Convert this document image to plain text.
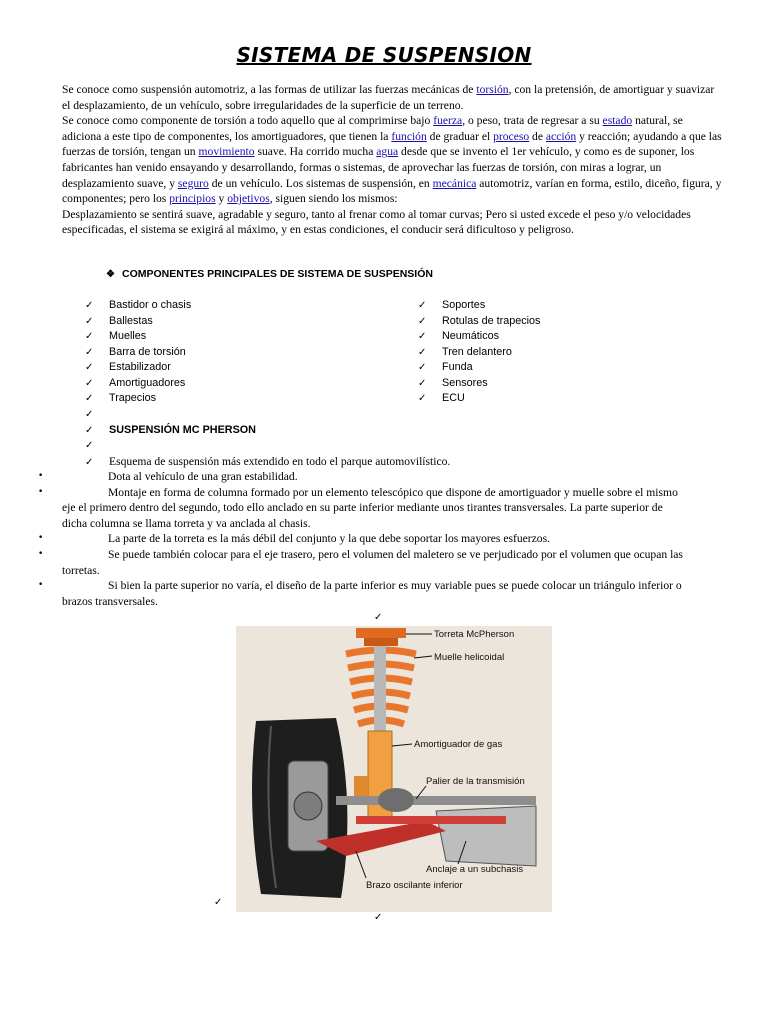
SISTEMA DE SUSPENSION

Se conoce como suspensión automotriz, a las formas de utilizar las fuerzas mecánicas de torsión, con la pretensión, de amortiguar y suavizar el desplazamiento, de un vehículo, sobre irregularidades de la superficie de un terreno.

Se conoce como componente de torsión a todo aquello que al comprimirse bajo fuerza, o peso, trata de regresar a su estado natural, se adiciona a este tipo de componentes, los amortiguadores, que tienen la función de graduar el proceso de acción y reacción; ayudando a que las fuerzas de torsión, tengan un movimiento suave. Ha corrido mucha agua desde que se invento el 1er vehículo, y como es de suponer, los fabricantes han venido ensayando y desarrollando, formas o sistemas, de aprovechar las fuerzas de torsión, con miras a lograr, un desplazamiento suave, y seguro de un vehículo. Los sistemas de suspensión, en mecánica automotriz, varían en forma, estilo, diceño, figura, y componentes; pero los principios y objetivos, siguen siendo los mismos:

Desplazamiento se sentirá suave, agradable y seguro, tanto al frenar como al tomar curvas; Pero si usted excede el peso y/o velocidades especificadas, el sistema se exigirá al máximo, y en estas condiciones, el conducir será dificultoso y peligroso.

❖ COMPONENTES PRINCIPALES DE SISTEMA DE SUSPENSIÓN
✓ Bastidor o chasis
✓ Ballestas
✓ Muelles
✓ Barra de torsión
✓ Estabilizador
✓ Amortiguadores
✓ Trapecios
✓ Soportes
✓ Rotulas de trapecios
✓ Neumáticos
✓ Tren delantero
✓ Funda
✓ Sensores
✓ ECU
✓
✓ SUSPENSIÓN MC PHERSON
✓
✓ Esquema de suspensión más extendido en todo el parque automovilístico.
•	Dota al vehículo de una gran estabilidad.
•	Montaje en forma de columna formado por un elemento telescópico que dispone de amortiguador y muelle sobre el mismo eje el primero dentro del segundo, todo ello anclado en su parte inferior mediante unos tirantes transversales. La parte superior de dicha columna se llama torreta y va anclada al chasis.
•	La parte de la torreta es la más débil del conjunto y la que debe soportar los mayores esfuerzos.
•	Se puede también colocar para el eje trasero, pero el volumen del maletero se ve perjudicado por el volumen que ocupan las torretas.
•	Si bien la parte superior no varía, el diseño de la parte inferior es muy variable pues se puede colocar un triángulo inferior o brazos transversales.
✓
✓
✓
Torreta McPherson
Muelle helicoidal
Amortiguador de gas
Palier de la transmisión
Anclaje a un subchasis
Brazo oscilante inferior
